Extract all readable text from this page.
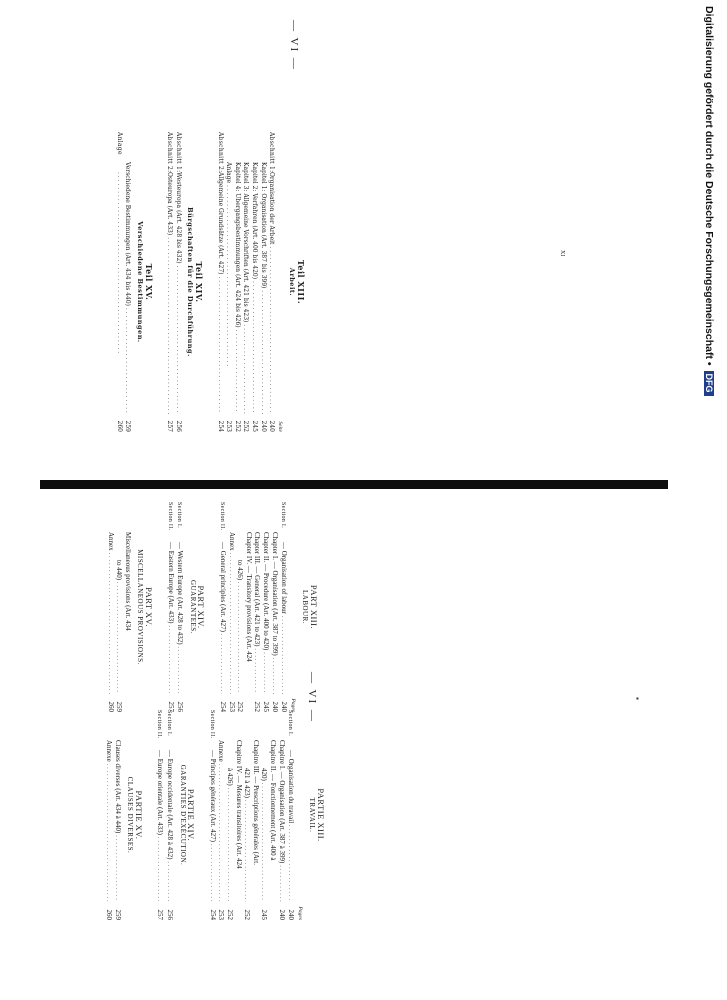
Digitalisierung gefördert durch die Deutsche Forschungsgemeinschaft • DFG
— VI —
Teil XIII.
Arbeit.
Seite
Abschnitt 1:
Organisation der Arbeit . . .
240
Kapitel 1: Organisation (Art. 387 bis 399) . . .
240
Kapitel 2: Verfahren (Art. 400 bis 420) . . .
245
Kapitel 3: Allgemeine Vorschriften (Art. 421 bis 423) . . .
252
Kapitel 4: Übergangsbestimmungen (Art. 424 bis 426) . . .
252
Anlage . . .
253
Abschnitt 2:
Allgemeine Grundsätze (Art. 427) . . .
254
Teil XIV.
Bürgschaften für die Durchführung.
Abschnitt 1:
Westeuropa (Art. 428 bis 432) . . .
256
Abschnitt 2:
Osteuropa (Art. 433) . . .
257
Teil XV.
Verschiedene Bestimmungen.
Verschiedene Bestimmungen (Art. 434 bis 440) . . .
259
Anlage
. . .
260
XI
PART XIII.
LABOUR.
Pages
Section I.
— Organisation of labour . . .
240
Chapter I. — Organisation (Art. 387 to 399) . . .
240
Chapter II. — Procedure (Art. 400 to 420) . . .
245
Chapter III. — General (Art. 421 to 423) . . .
252
Chapter IV. — Transitory provisions (Art. 424
to 426) . . .
252
Annex . . .
253
Section II.
— General principles (Art. 427) . . .
254
PART XIV.
GUARANTEES.
Section I.
— Western Europe (Art. 428 to 432) . . .
256
Section II.
— Eastern Europe (Art. 433) . . .
257
PART XV.
MISCELLANEOUS PROVISIONS.
Miscellaneous provisions (Art. 434
to 440) . . .
259
Annex . . .
260	— VI —
PARTIE XIII.
TRAVAIL.
Pages
Section I.
— Organisation du travail . . .
240
Chapitre I. — Organisation (Art. 387 à 399) . . .
240
Chapitre II. — Fonctionnement (Art. 400 à
420) . . .
245
Chapitre III. — Prescriptions générales (Art.
421 à 423) . . .
252
Chapitre IV. — Mesures transitoires (Art. 424
à 426) . . .
252
Annexe . . .
253
Section II.
— Principes généraux (Art. 427) . . .
254
PARTIE XIV.
GARANTIES D'EXÉCUTION.
Section I.
— Europe occidentale (Art. 428 à 432) . . .
256
Section II.
— Europe orientale (Art. 433) . . .
257
PARTIE XV.
CLAUSES DIVERSES.
Clauses diverses (Art. 434 à 440) . . .
259
Annexe . . .
260
▪
